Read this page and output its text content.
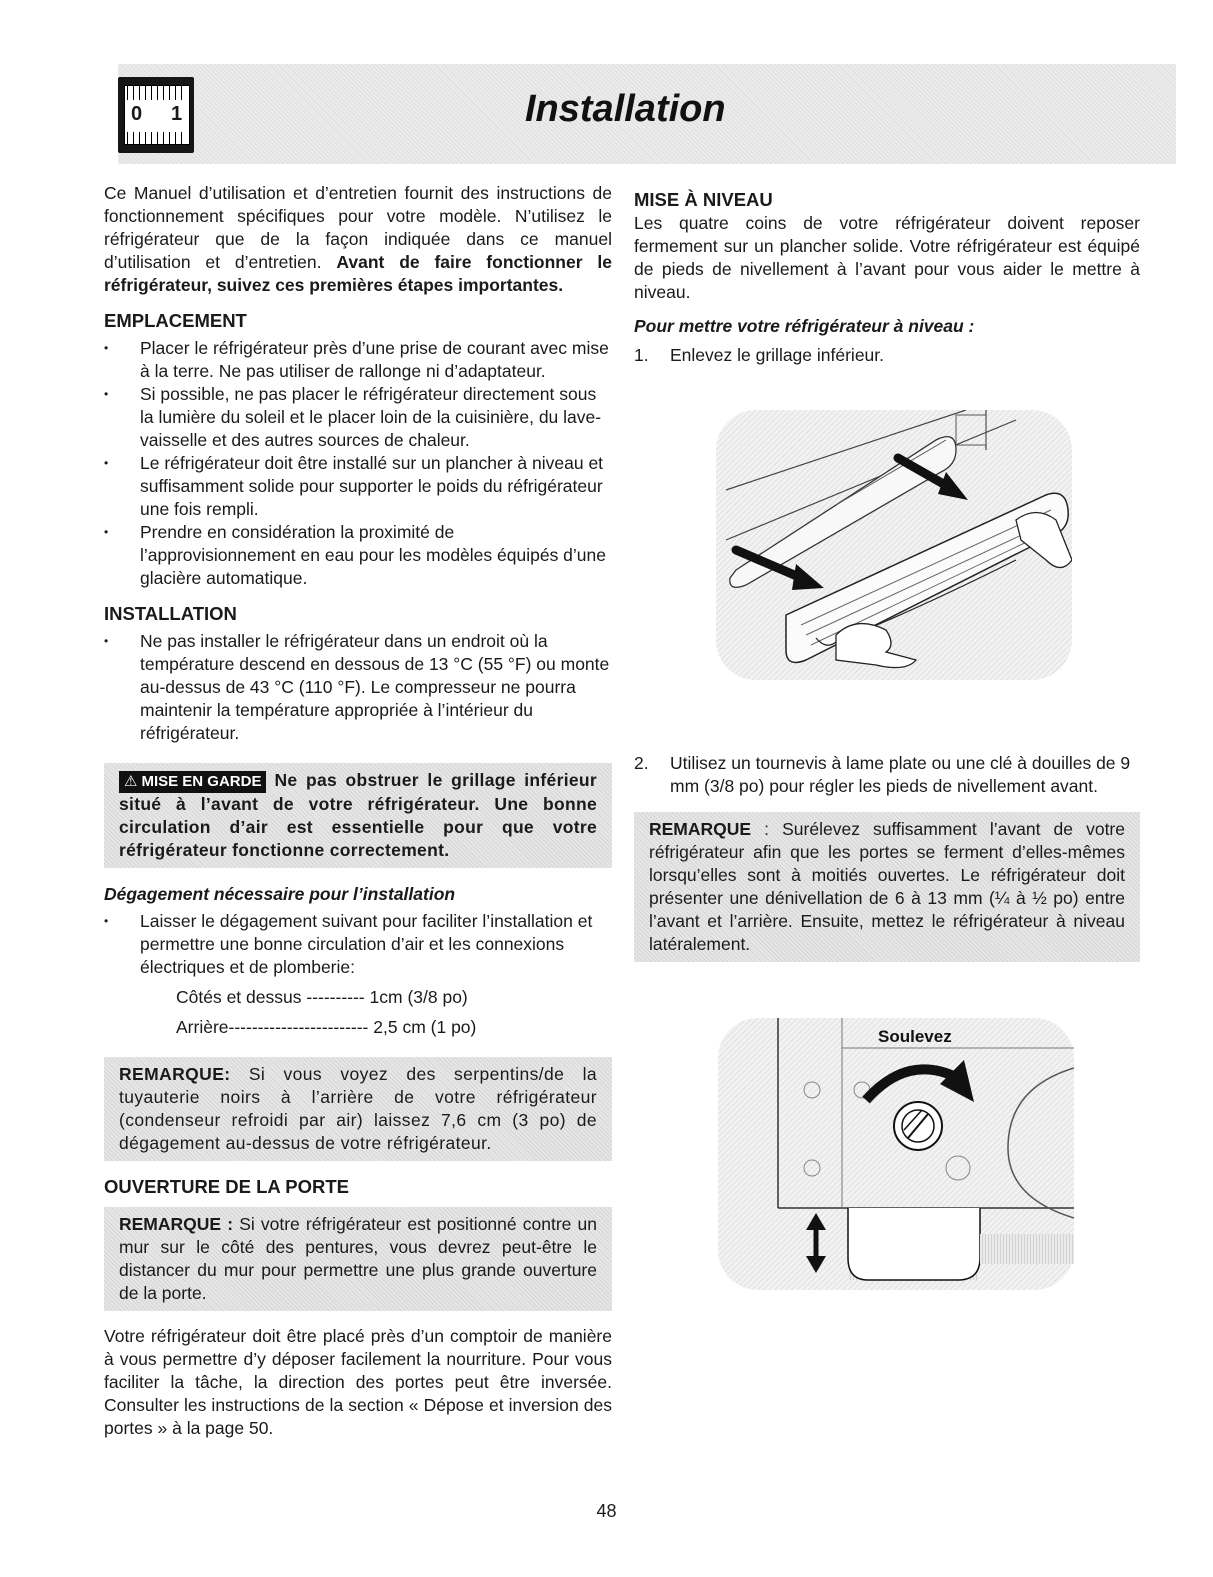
0 1	Installation

Ce Manuel d’utilisation et d’entretien fournit des instructions de fonctionnement spécifiques pour votre modèle. N’utilisez le réfrigérateur que de la façon indiquée dans ce manuel d’utilisation et d’entretien. Avant de faire fonctionner le réfrigérateur, suivez ces premières étapes importantes.

EMPLACEMENT
• Placer le réfrigérateur près d’une prise de courant avec mise à la terre. Ne pas utiliser de rallonge ni d’adaptateur.
• Si possible, ne pas placer le réfrigérateur directement sous la lumière du soleil et le placer loin de la cuisinière, du lave-vaisselle et des autres sources de chaleur.
• Le réfrigérateur doit être installé sur un plancher à niveau et suffisamment solide pour supporter le poids du réfrigérateur une fois rempli.
• Prendre en considération la proximité de l’approvisionnement en eau pour les modèles équipés d’une glacière automatique.
INSTALLATION
• Ne pas installer le réfrigérateur dans un endroit où la température descend en dessous de 13 °C (55 °F) ou monte au-dessus de 43 °C (110 °F). Le compresseur ne pourra maintenir la température appropriée à l’intérieur du réfrigérateur.
⚠ MISE EN GARDE Ne pas obstruer le grillage inférieur situé à l’avant de votre réfrigérateur. Une bonne circulation d’air est essentielle pour que votre réfrigérateur fonctionne correctement.

Dégagement nécessaire pour l’installation

• Laisser le dégagement suivant pour faciliter l’installation et permettre une bonne circulation d’air et les connexions électriques et de plomberie:
Côtés et dessus ---------- 1cm (3/8 po)
Arrière------------------------ 2,5 cm (1 po)
REMARQUE: Si vous voyez des serpentins/de la tuyauterie noirs à l’arrière de votre réfrigérateur (condenseur refroidi par air) laissez 7,6 cm (3 po) de dégagement au-dessus de votre réfrigérateur.
OUVERTURE DE LA PORTE
REMARQUE : Si votre réfrigérateur est positionné contre un mur sur le côté des pentures, vous devrez peut-être le distancer du mur pour permettre une plus grande ouverture de la porte.

Votre réfrigérateur doit être placé près d’un comptoir de manière à vous permettre d’y déposer facilement la nourriture. Pour vous faciliter la tâche, la direction des portes peut être inversée. Consulter les instructions de la section « Dépose et inversion des portes » à la page 50.

MISE À NIVEAU

Les quatre coins de votre réfrigérateur doivent reposer fermement sur un plancher solide. Votre réfrigérateur est équipé de pieds de nivellement à l’avant pour vous aider le mettre à niveau.

Pour mettre votre réfrigérateur à niveau :

1. Enlevez le grillage inférieur.
2. Utilisez un tournevis à lame plate ou une clé à douilles de 9 mm (3/8 po) pour régler les pieds de nivellement avant.
REMARQUE : Surélevez suffisamment l’avant de votre réfrigérateur afin que les portes se ferment d’elles-mêmes lorsqu’elles sont à moitiés ouvertes. Le réfrigérateur doit présenter une dénivellation de 6 à 13 mm (¼ à ½ po) entre l’avant et l’arrière. Ensuite, mettez le réfrigérateur à niveau latéralement.
Soulevez
48
